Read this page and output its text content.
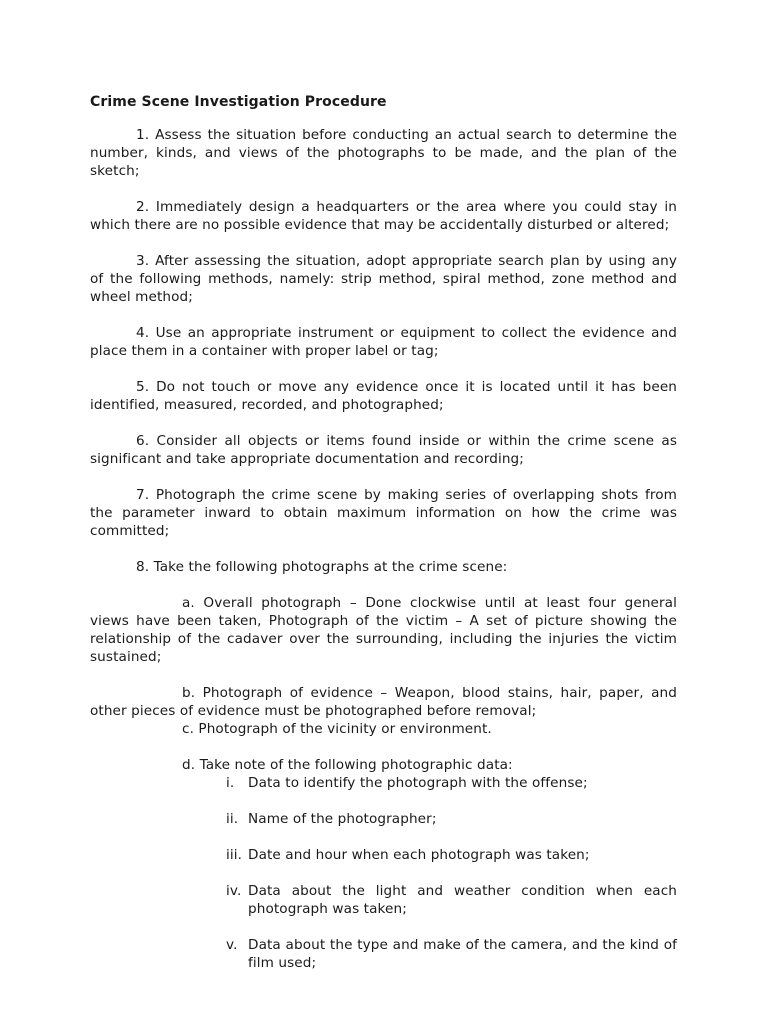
Crime Scene Investigation Procedure

1. Assess the situation before conducting an actual search to determine the number, kinds, and views of the photographs to be made, and the plan of the sketch;

2. Immediately design a headquarters or the area where you could stay in which there are no possible evidence that may be accidentally disturbed or altered;

3. After assessing the situation, adopt appropriate search plan by using any of the following methods, namely: strip method, spiral method, zone method and wheel method;

4. Use an appropriate instrument or equipment to collect the evidence and place them in a container with proper label or tag;

5. Do not touch or move any evidence once it is located until it has been identified, measured, recorded, and photographed;

6. Consider all objects or items found inside or within the crime scene as significant and take appropriate documentation and recording;

7. Photograph the crime scene by making series of overlapping shots from the parameter inward to obtain maximum information on how the crime was committed;

8. Take the following photographs at the crime scene:

a. Overall photograph – Done clockwise until at least four general views have been taken, Photograph of the victim – A set of picture showing the relationship of the cadaver over the surrounding, including the injuries the victim sustained;

b. Photograph of evidence – Weapon, blood stains, hair, paper, and other pieces of evidence must be photographed before removal;

c. Photograph of the vicinity or environment.

d. Take note of the following photographic data:

i. Data to identify the photograph with the offense;
ii. Name of the photographer;
iii. Date and hour when each photograph was taken;
iv. Data about the light and weather condition when each photograph was taken;
v. Data about the type and make of the camera, and the kind of film used;
